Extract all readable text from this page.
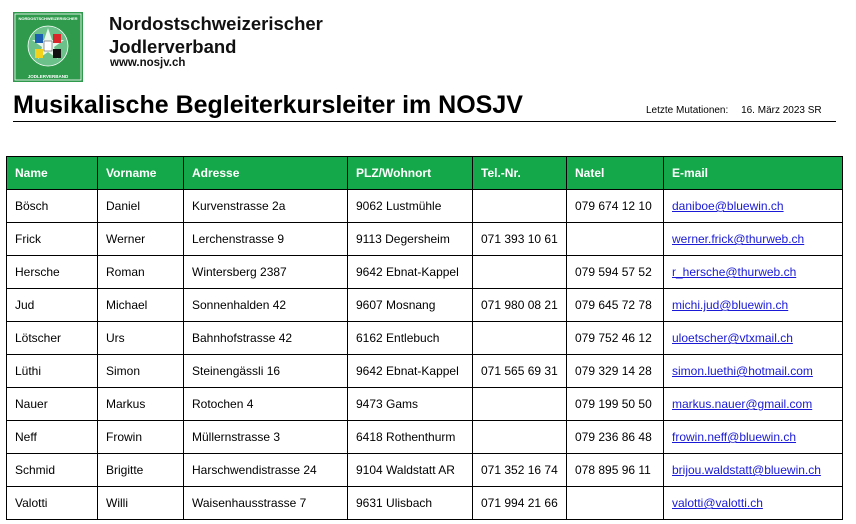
NORDOSTSCHWEIZERISCHER
JODLERVERBAND
Nordostschweizerischer
Jodlerverband
www.nosjv.ch
Musikalische Begleiterkursleiter im NOSJV	Letzte Mutationen: 16. März 2023 SR
Name	Vorname	Adresse	PLZ/Wohnort	Tel.-Nr.	Natel	E-mail
Bösch	Daniel	Kurvenstrasse 2a	9062 Lustmühle		079 674 12 10	daniboe@bluewin.ch
Frick	Werner	Lerchenstrasse 9	9113 Degersheim	071 393 10 61		werner.frick@thurweb.ch
Hersche	Roman	Wintersberg 2387	9642 Ebnat-Kappel		079 594 57 52	r_hersche@thurweb.ch
Jud	Michael	Sonnenhalden 42	9607 Mosnang	071 980 08 21	079 645 72 78	michi.jud@bluewin.ch
Lötscher	Urs	Bahnhofstrasse 42	6162 Entlebuch		079 752 46 12	uloetscher@vtxmail.ch
Lüthi	Simon	Steinengässli 16	9642 Ebnat-Kappel	071 565 69 31	079 329 14 28	simon.luethi@hotmail.com
Nauer	Markus	Rotochen 4	9473 Gams		079 199 50 50	markus.nauer@gmail.com
Neff	Frowin	Müllernstrasse 3	6418 Rothenthurm		079 236 86 48	frowin.neff@bluewin.ch
Schmid	Brigitte	Harschwendistrasse 24	9104 Waldstatt AR	071 352 16 74	078 895 96 11	brijou.waldstatt@bluewin.ch
Valotti	Willi	Waisenhausstrasse 7	9631 Ulisbach	071 994 21 66		valotti@valotti.ch
